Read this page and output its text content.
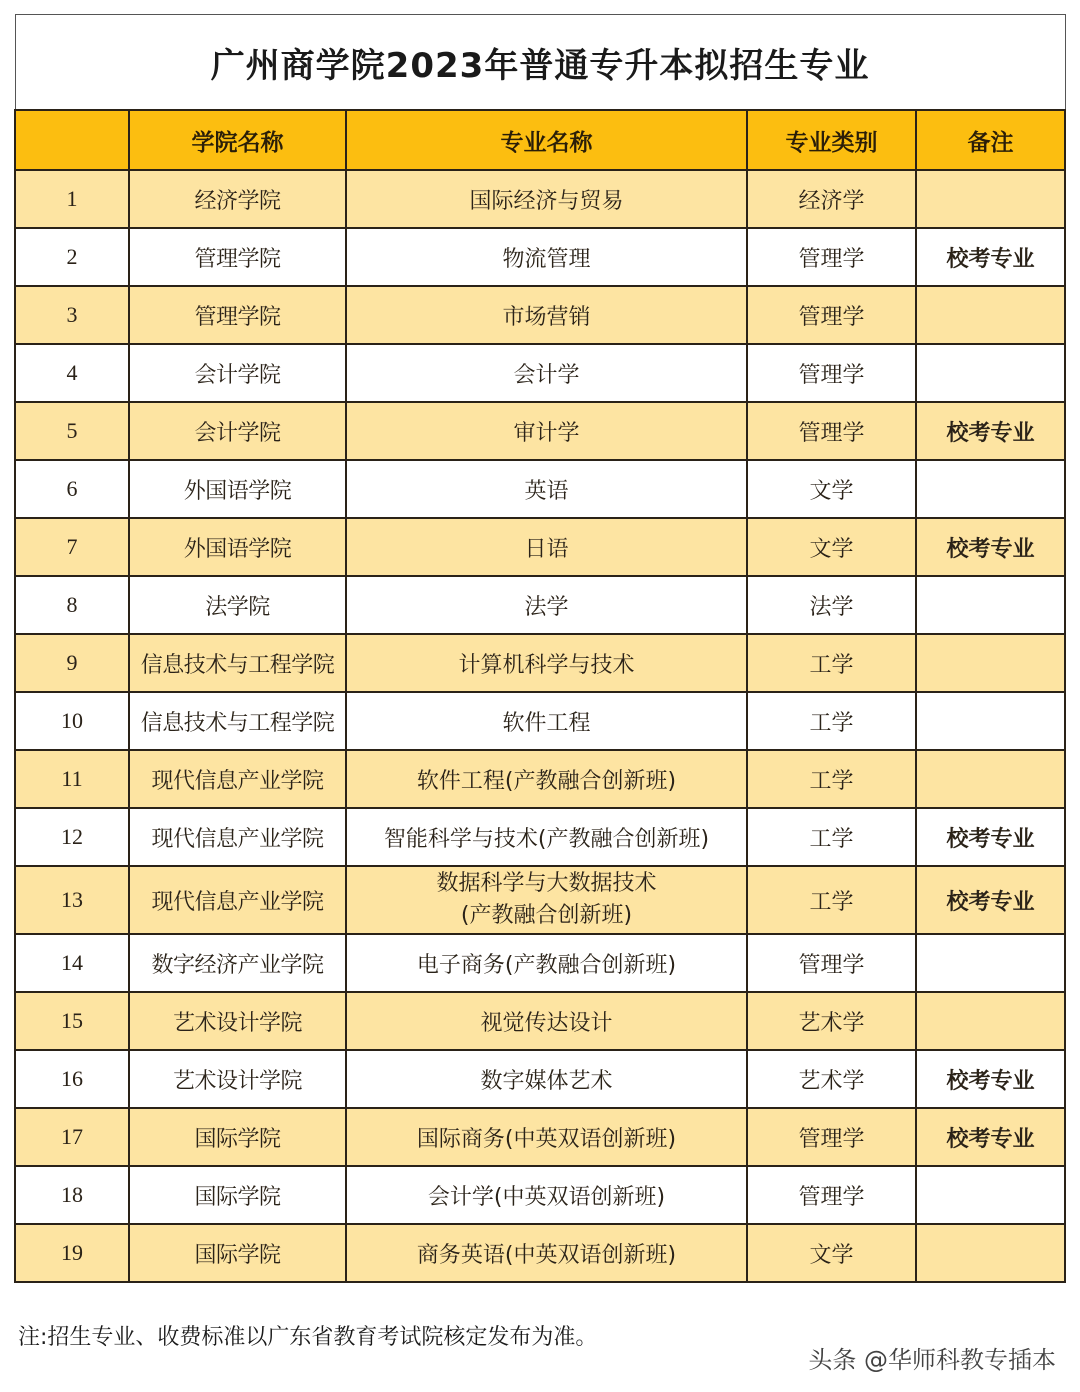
广州商学院2023年普通专升本拟招生专业				
	学院名称	专业名称	专业类别	备注
1	经济学院	国际经济与贸易	经济学	
2	管理学院	物流管理	管理学	校考专业
3	管理学院	市场营销	管理学	
4	会计学院	会计学	管理学	
5	会计学院	审计学	管理学	校考专业
6	外国语学院	英语	文学	
7	外国语学院	日语	文学	校考专业
8	法学院	法学	法学	
9	信息技术与工程学院	计算机科学与技术	工学	
10	信息技术与工程学院	软件工程	工学	
11	现代信息产业学院	软件工程(产教融合创新班)	工学	
12	现代信息产业学院	智能科学与技术(产教融合创新班)	工学	校考专业
13	现代信息产业学院	数据科学与大数据技术
(产教融合创新班)	工学	校考专业
14	数字经济产业学院	电子商务(产教融合创新班)	管理学	
15	艺术设计学院	视觉传达设计	艺术学	
16	艺术设计学院	数字媒体艺术	艺术学	校考专业
17	国际学院	国际商务(中英双语创新班)	管理学	校考专业
18	国际学院	会计学(中英双语创新班)	管理学	
19	国际学院	商务英语(中英双语创新班)	文学	
注:招生专业、收费标准以广东省教育考试院核定发布为准。
头条 @华师科教专插本
